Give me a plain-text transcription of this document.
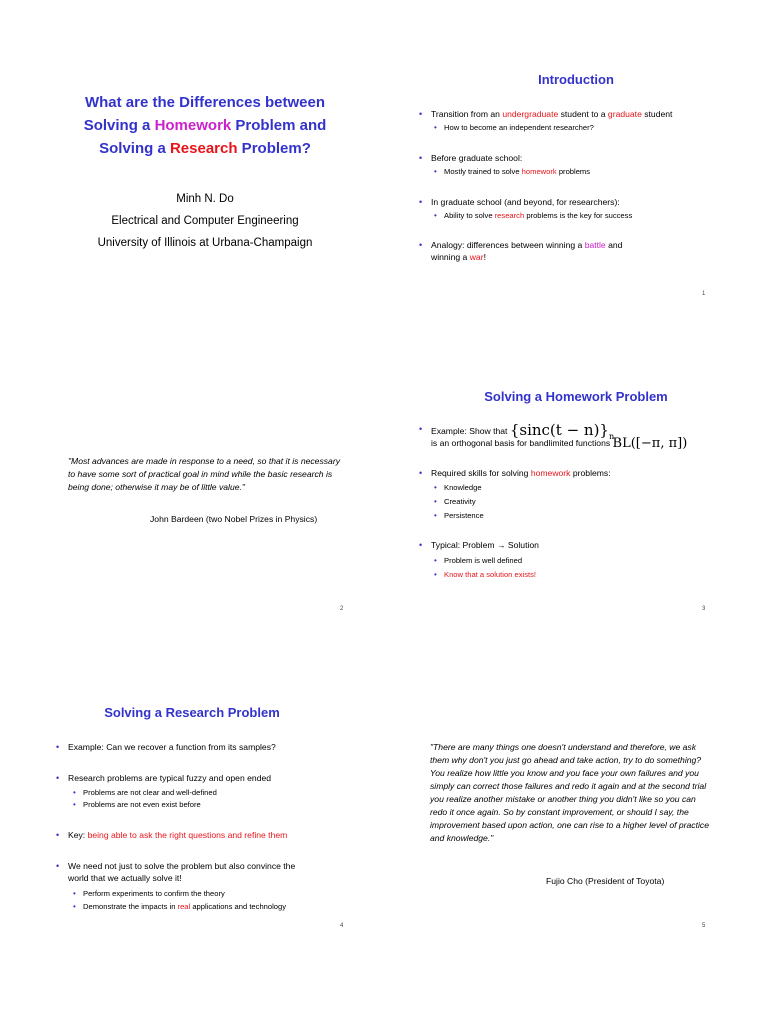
What are the Differences between
Solving a Homework Problem and
Solving a Research Problem?
Minh N. Do
Electrical and Computer Engineering
University of Illinois at Urbana-Champaign
Introduction
• Transition from an undergraduate student to a graduate student
• How to become an independent researcher?
• Before graduate school:
• Mostly trained to solve homework problems
• In graduate school (and beyond, for researchers):
• Ability to solve research problems is the key for success
• Analogy: differences between winning a battle and
winning a war!
1
"Most advances are made in response to a need, so that it is necessary to have some sort of practical goal in mind while the basic research is being done; otherwise it may be of little value."
John Bardeen (two Nobel Prizes in Physics)
2
Solving a Homework Problem
• Example: Show that {sinc(t − n)}n
is an orthogonal basis for bandlimited functions BL([−π, π])
• Required skills for solving homework problems:
• Knowledge
• Creativity
• Persistence
• Typical: Problem → Solution
• Problem is well defined
• Know that a solution exists!
3
Solving a Research Problem
• Example: Can we recover a function from its samples?
• Research problems are typical fuzzy and open ended
• Problems are not clear and well-defined
• Problems are not even exist before
• Key: being able to ask the right questions and refine them
• We need not just to solve the problem but also convince the
world that we actually solve it!
• Perform experiments to confirm the theory
• Demonstrate the impacts in real applications and technology
4
"There are many things one doesn't understand and therefore, we ask them why don't you just go ahead and take action, try to do something? You realize how little you know and you face your own failures and you simply can correct those failures and redo it again and at the second trial you realize another mistake or another thing you didn't like so you can redo it once again. So by constant improvement, or should I say, the improvement based upon action, one can rise to a higher level of practice and knowledge."
Fujio Cho (President of Toyota)
5
